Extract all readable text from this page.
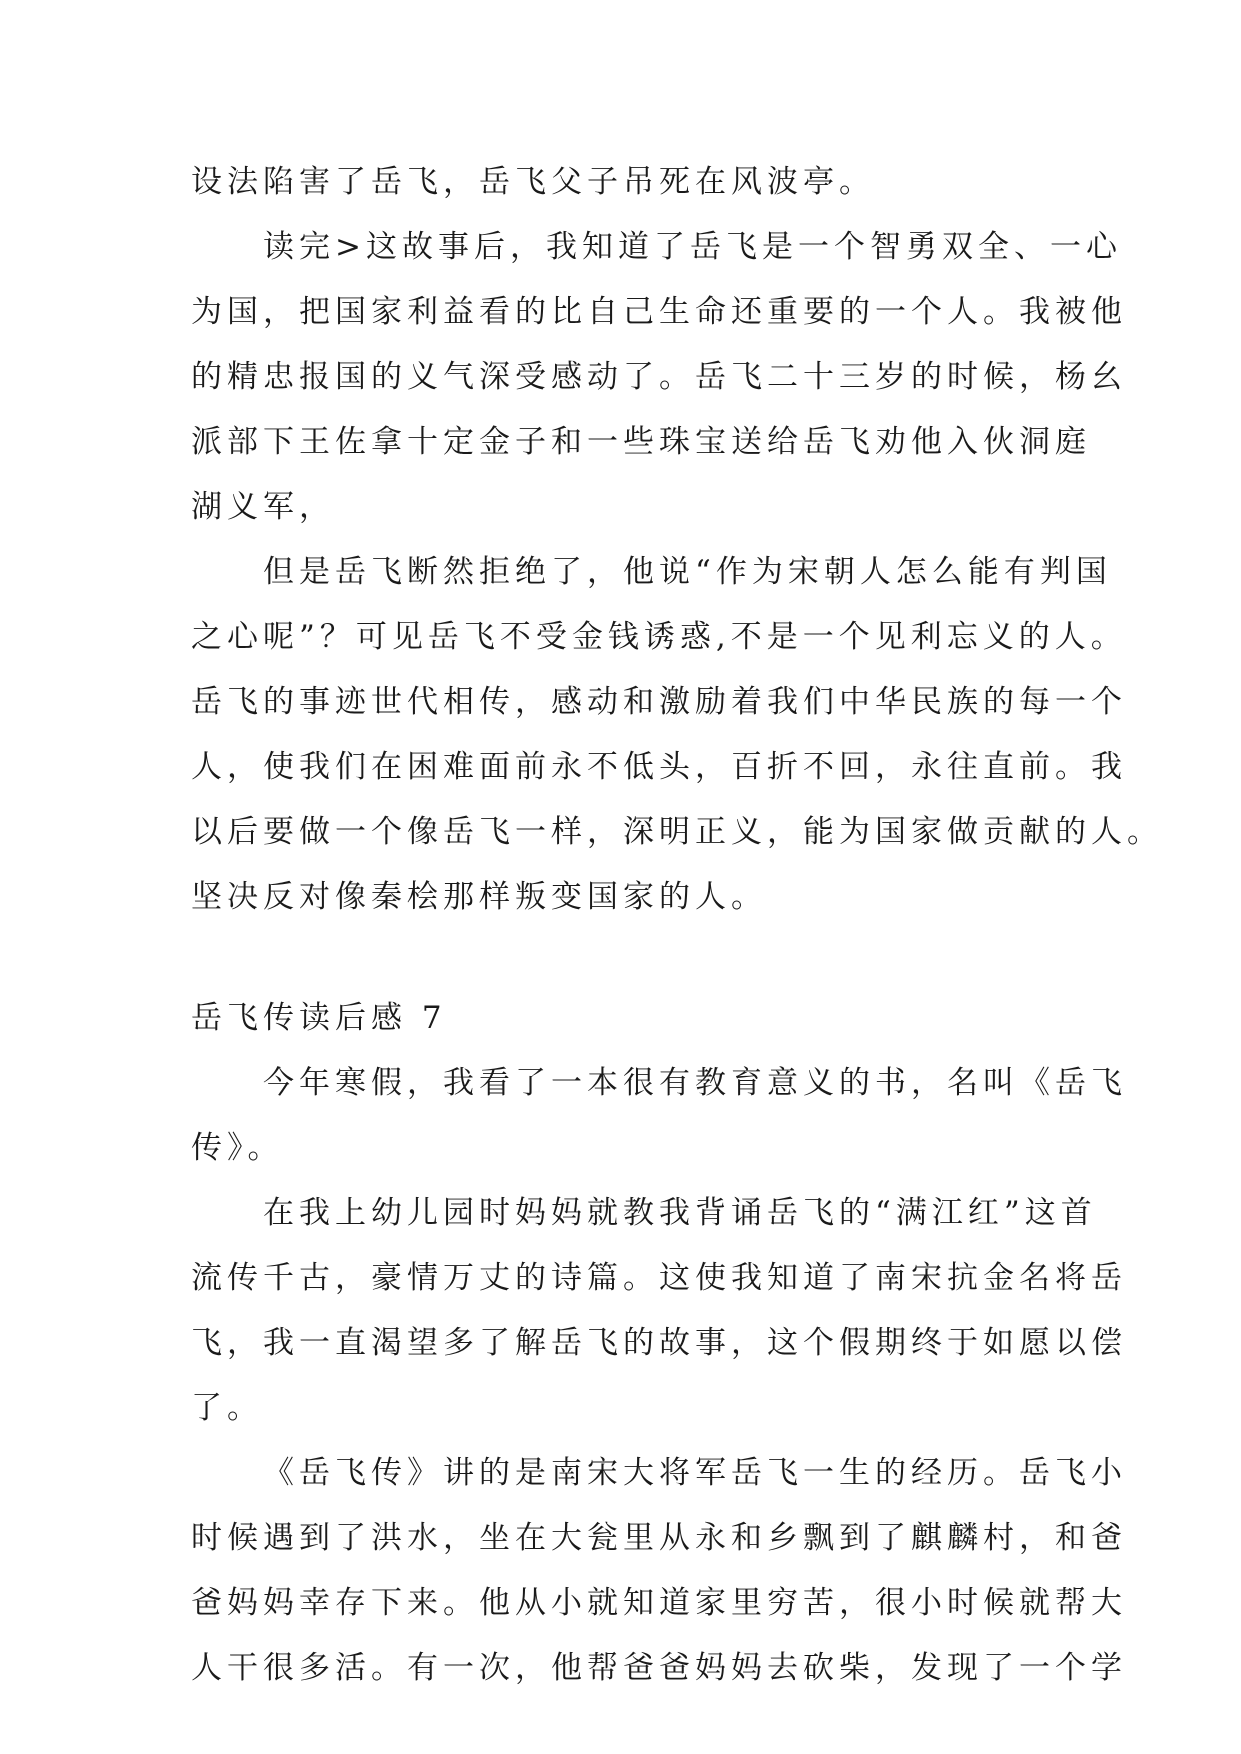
设法陷害了岳飞，岳飞父子吊死在风波亭。
读完>这故事后，我知道了岳飞是一个智勇双全、一心
为国，把国家利益看的比自己生命还重要的一个人。我被他
的精忠报国的义气深受感动了。岳飞二十三岁的时候，杨幺
派部下王佐拿十定金子和一些珠宝送给岳飞劝他入伙洞庭
湖义军，
但是岳飞断然拒绝了，他说“作为宋朝人怎么能有判国
之心呢”？可见岳飞不受金钱诱惑,不是一个见利忘义的人。
岳飞的事迹世代相传，感动和激励着我们中华民族的每一个
人，使我们在困难面前永不低头，百折不回，永往直前。我
以后要做一个像岳飞一样，深明正义，能为国家做贡献的人。
坚决反对像秦桧那样叛变国家的人。
岳飞传读后感 7
今年寒假，我看了一本很有教育意义的书，名叫《岳飞
传》。
在我上幼儿园时妈妈就教我背诵岳飞的“满江红”这首
流传千古，豪情万丈的诗篇。这使我知道了南宋抗金名将岳
飞，我一直渴望多了解岳飞的故事，这个假期终于如愿以偿
了。
《岳飞传》讲的是南宋大将军岳飞一生的经历。岳飞小
时候遇到了洪水，坐在大瓮里从永和乡飘到了麒麟村，和爸
爸妈妈幸存下来。他从小就知道家里穷苦，很小时候就帮大
人干很多活。有一次，他帮爸爸妈妈去砍柴，发现了一个学
